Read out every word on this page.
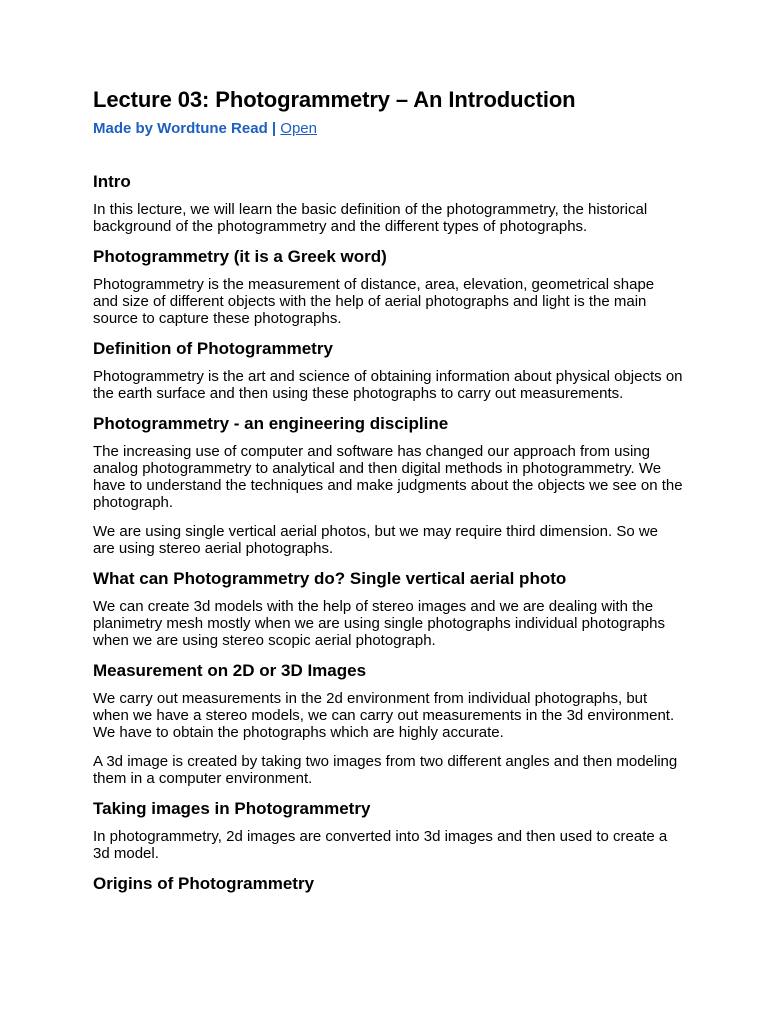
Lecture 03: Photogrammetry – An Introduction
Made by Wordtune Read | Open
Intro

In this lecture, we will learn the basic definition of the photogrammetry, the historical background of the photogrammetry and the different types of photographs.

Photogrammetry (it is a Greek word)

Photogrammetry is the measurement of distance, area, elevation, geometrical shape and size of different objects with the help of aerial photographs and light is the main source to capture these photographs.

Definition of Photogrammetry

Photogrammetry is the art and science of obtaining information about physical objects on the earth surface and then using these photographs to carry out measurements.

Photogrammetry - an engineering discipline

The increasing use of computer and software has changed our approach from using analog photogrammetry to analytical and then digital methods in photogrammetry. We have to understand the techniques and make judgments about the objects we see on the photograph.

We are using single vertical aerial photos, but we may require third dimension. So we are using stereo aerial photographs.

What can Photogrammetry do? Single vertical aerial photo

We can create 3d models with the help of stereo images and we are dealing with the planimetry mesh mostly when we are using single photographs individual photographs when we are using stereo scopic aerial photograph.

Measurement on 2D or 3D Images

We carry out measurements in the 2d environment from individual photographs, but when we have a stereo models, we can carry out measurements in the 3d environment. We have to obtain the photographs which are highly accurate.

A 3d image is created by taking two images from two different angles and then modeling them in a computer environment.

Taking images in Photogrammetry

In photogrammetry, 2d images are converted into 3d images and then used to create a 3d model.

Origins of Photogrammetry
